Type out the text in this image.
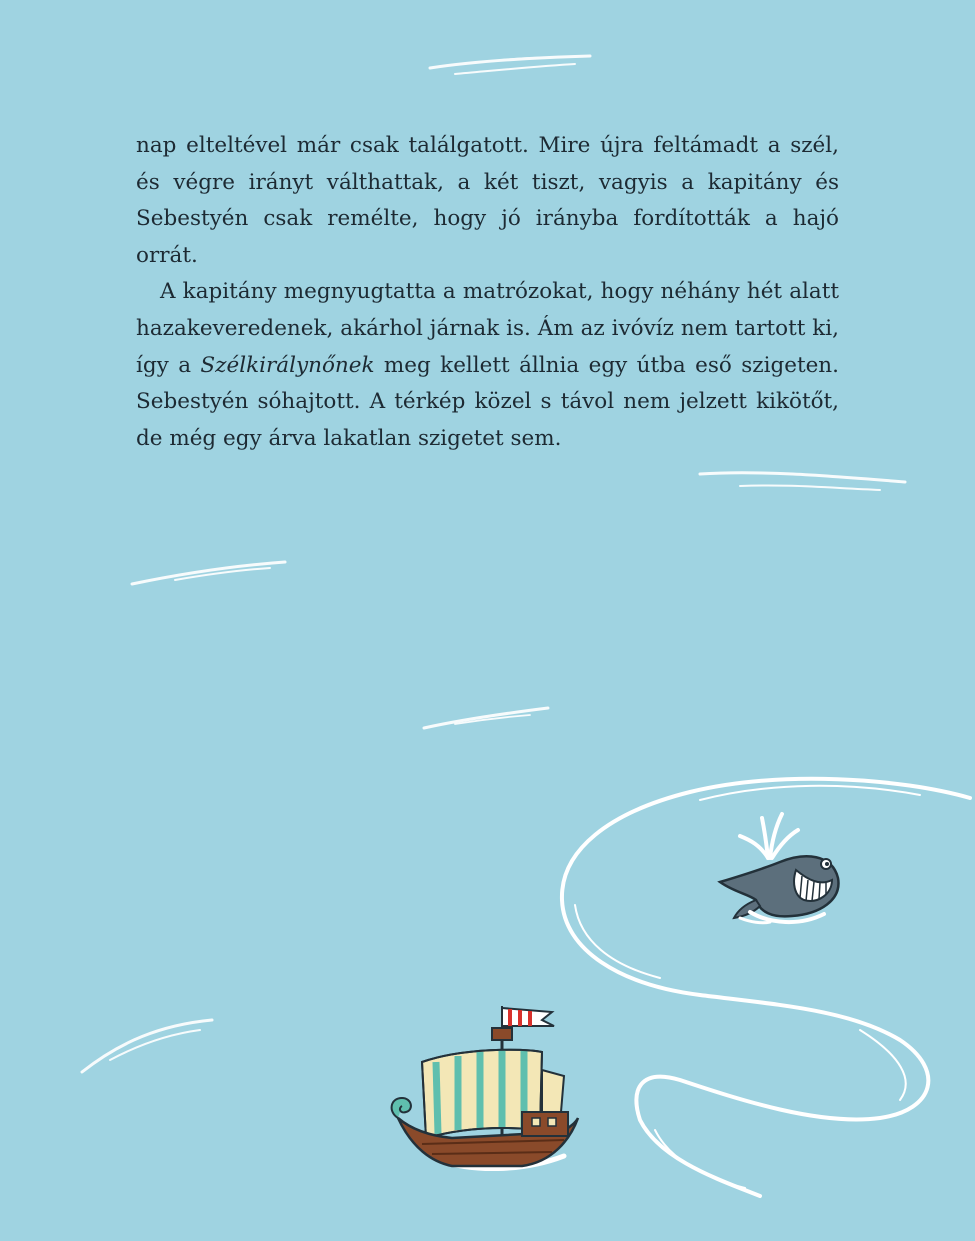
nap elteltével már csak találgatott. Mire újra feltámadt a szél, és végre irányt válthattak, a két tiszt, vagyis a kapitány és Sebestyén csak remélte, hogy jó irányba fordították a hajó orrát.

A kapitány megnyugtatta a matrózokat, hogy néhány hét alatt hazakeveredenek, akárhol járnak is. Ám az ivóvíz nem tartott ki, így a Szélkirálynőnek meg kellett állnia egy útba eső szigeten. Sebestyén sóhajtott. A térkép közel s távol nem jelzett kikötőt, de még egy árva lakatlan szigetet sem.
